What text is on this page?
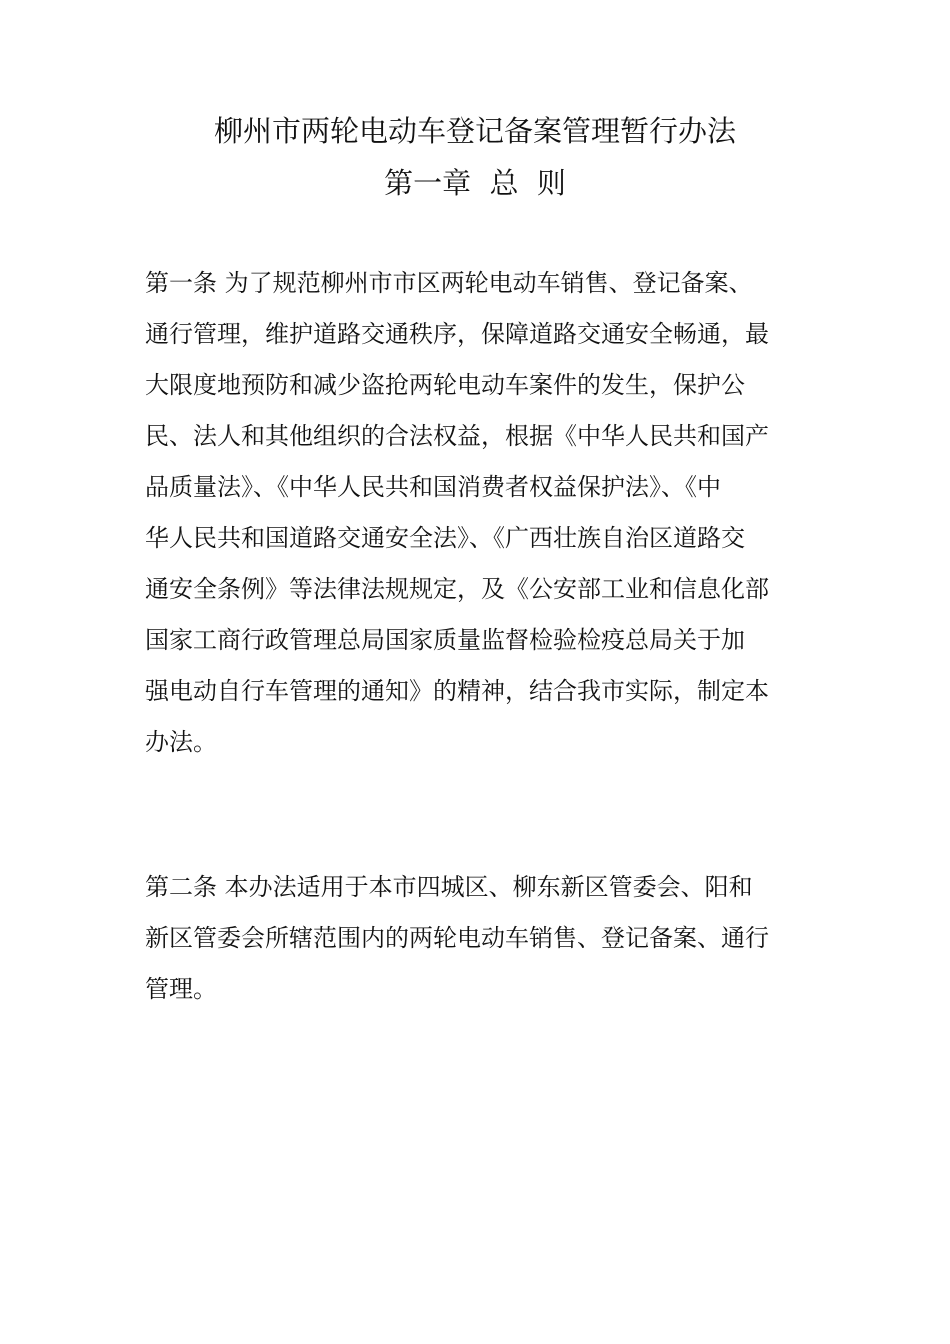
柳州市两轮电动车登记备案管理暂行办法
第一章  总  则

第一条 为了规范柳州市市区两轮电动车销售、登记备案、
通行管理，维护道路交通秩序，保障道路交通安全畅通，最
大限度地预防和减少盗抢两轮电动车案件的发生，保护公
民、法人和其他组织的合法权益，根据《中华人民共和国产
品质量法》、《中华人民共和国消费者权益保护法》、《中
华人民共和国道路交通安全法》、《广西壮族自治区道路交
通安全条例》等法律法规规定，及《公安部工业和信息化部
国家工商行政管理总局国家质量监督检验检疫总局关于加
强电动自行车管理的通知》的精神，结合我市实际，制定本
办法。

第二条 本办法适用于本市四城区、柳东新区管委会、阳和
新区管委会所辖范围内的两轮电动车销售、登记备案、通行
管理。
